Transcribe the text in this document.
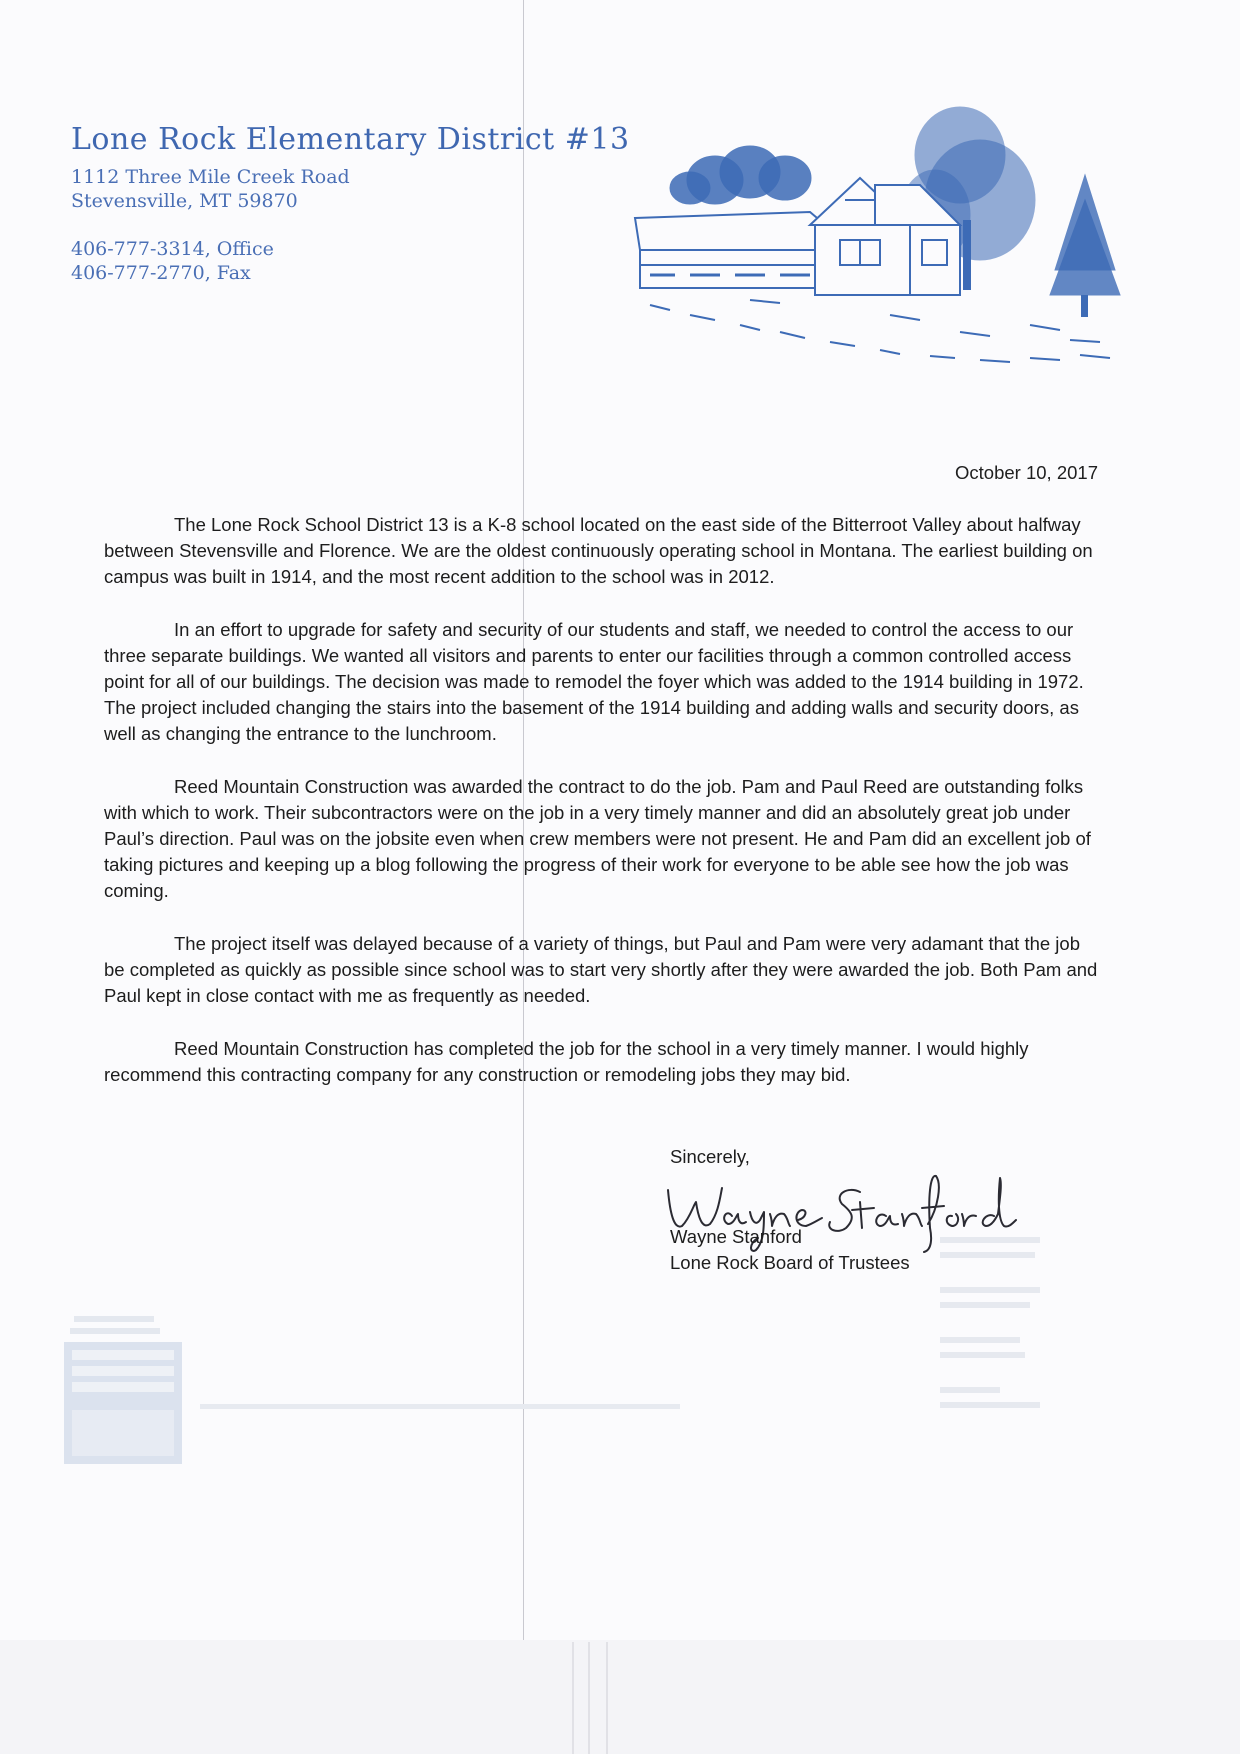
Lone Rock Elementary District #13
1112 Three Mile Creek Road
Stevensville, MT 59870
406-777-3314, Office
406-777-2770, Fax
October 10, 2017

The Lone Rock School District 13 is a K-8 school located on the east side of the Bitterroot Valley about halfway between Stevensville and Florence. We are the oldest continuously operating school in Montana. The earliest building on campus was built in 1914, and the most recent addition to the school was in 2012.

In an effort to upgrade for safety and security of our students and staff, we needed to control the access to our three separate buildings. We wanted all visitors and parents to enter our facilities through a common controlled access point for all of our buildings. The decision was made to remodel the foyer which was added to the 1914 building in 1972. The project included changing the stairs into the basement of the 1914 building and adding walls and security doors, as well as changing the entrance to the lunchroom.

Reed Mountain Construction was awarded the contract to do the job. Pam and Paul Reed are outstanding folks with which to work. Their subcontractors were on the job in a very timely manner and did an absolutely great job under Paul’s direction. Paul was on the jobsite even when crew members were not present. He and Pam did an excellent job of taking pictures and keeping up a blog following the progress of their work for everyone to be able see how the job was coming.

The project itself was delayed because of a variety of things, but Paul and Pam were very adamant that the job be completed as quickly as possible since school was to start very shortly after they were awarded the job. Both Pam and Paul kept in close contact with me as frequently as needed.

Reed Mountain Construction has completed the job for the school in a very timely manner. I would highly recommend this contracting company for any construction or remodeling jobs they may bid.

Sincerely,
Wayne Stanford
Lone Rock Board of Trustees
